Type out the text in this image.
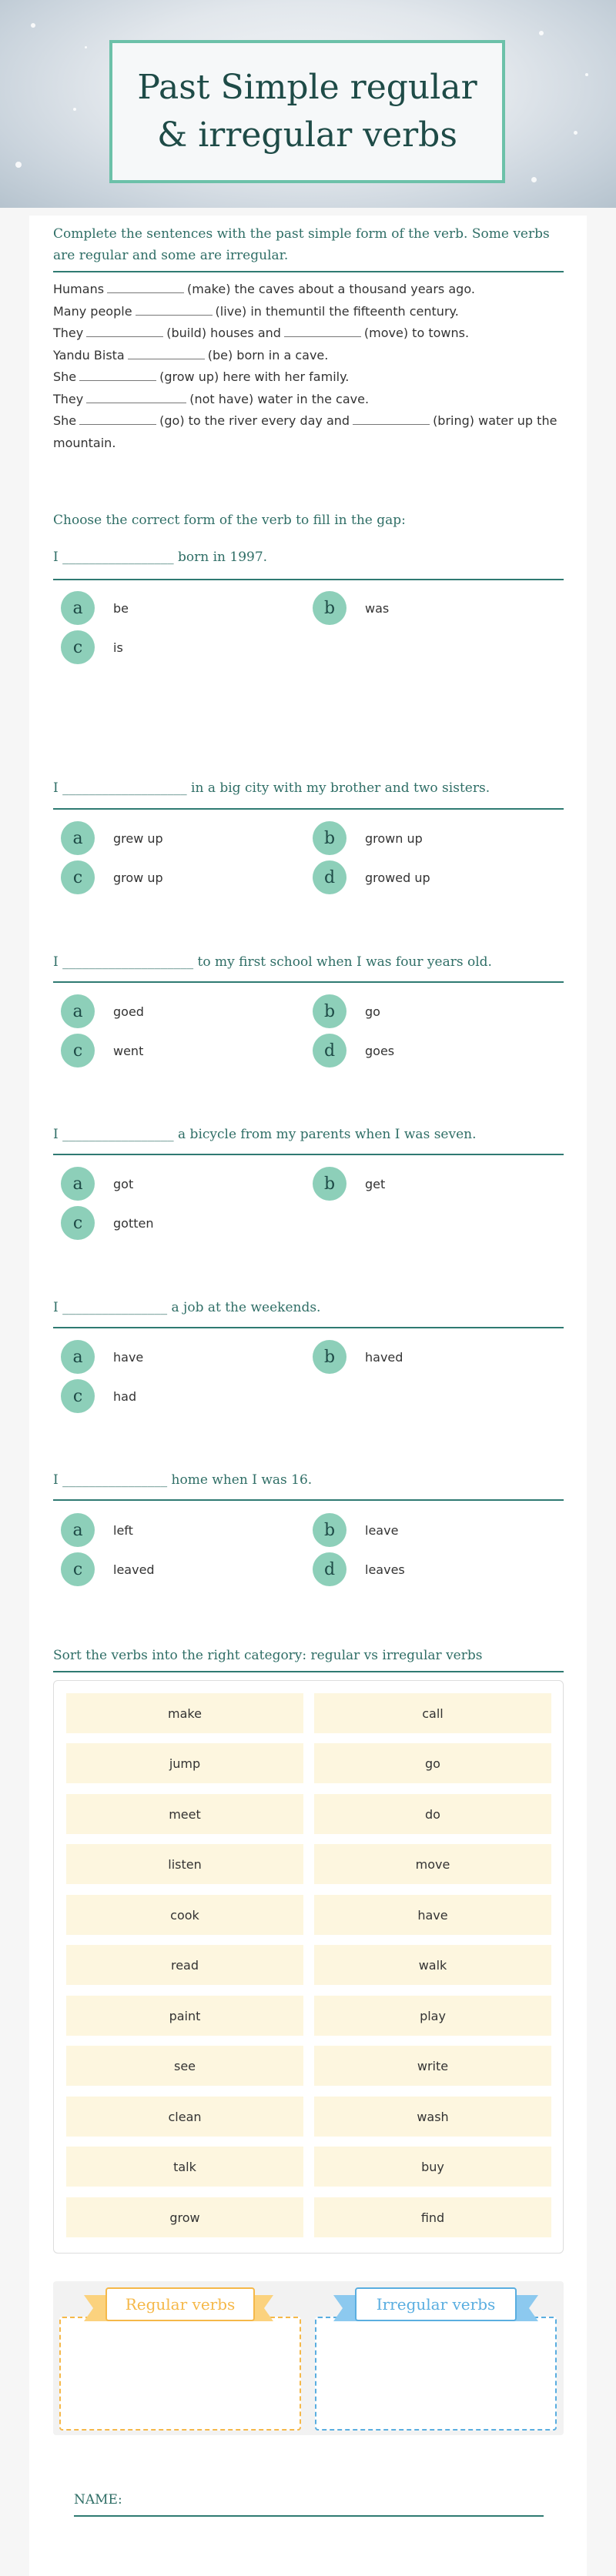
Past Simple regular
& irregular verbs
Complete the sentences with the past simple form of the verb. Some verbs are regular and some are irregular.
Humans	(make) the caves about a thousand years ago.
Many people	(live) in themuntil the fifteenth century.
They	(build) houses and	(move) to towns.
Yandu Bista	(be) born in a cave.
She	(grow up) here with her family.
They	(not have) water in the cave.
She	(go) to the river every day and	(bring) water up the mountain.
Choose the correct form of the verb to fill in the gap:
I _________________ born in 1997.
a	be	b	was
c	is
I ___________________ in a big city with my brother and two sisters.
a	grew up	b	grown up
c	grow up	d	growed up
I ____________________ to my first school when I was four years old.
a	goed	b	go
c	went	d	goes
I _________________ a bicycle from my parents when I was seven.
a	got	b	get
c	gotten
I ________________ a job at the weekends.
a	have	b	haved
c	had
I ________________ home when I was 16.
a	left	b	leave
c	leaved	d	leaves
Sort the verbs into the right category: regular vs irregular verbs
make	call
jump	go
meet	do
listen	move
cook	have
read	walk
paint	play
see	write
clean	wash
talk	buy
grow	find
Regular verbs	Irregular verbs
NAME:
